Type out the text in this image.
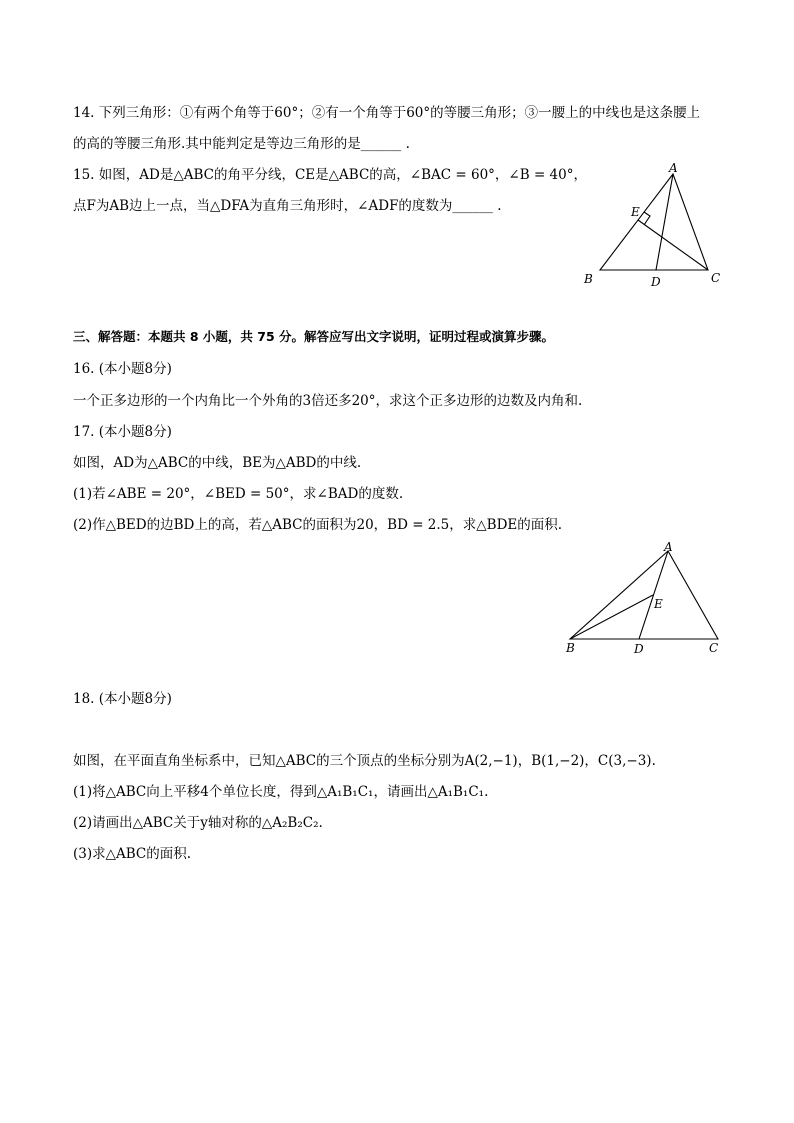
14. 下列三角形：①有两个角等于60°；②有一个角等于60°的等腰三角形；③一腰上的中线也是这条腰上
的高的等腰三角形.其中能判定是等边三角形的是______ .
15. 如图，AD是△ABC的角平分线，CE是△ABC的高，∠BAC = 60°，∠B = 40°，
点F为AB边上一点，当△DFA为直角三角形时，∠ADF的度数为______ .
A
B	C
D
E
三、解答题：本题共 8 小题，共 75 分。解答应写出文字说明，证明过程或演算步骤。
16. (本小题8分)
一个正多边形的一个内角比一个外角的3倍还多20°，求这个正多边形的边数及内角和.
17. (本小题8分)
如图，AD为△ABC的中线，BE为△ABD的中线.
(1)若∠ABE = 20°，∠BED = 50°，求∠BAD的度数.
(2)作△BED的边BD上的高，若△ABC的面积为20，BD = 2.5，求△BDE的面积.
A
B	C
D
E
18. (本小题8分)
如图，在平面直角坐标系中，已知△ABC的三个顶点的坐标分别为A(2,−1)，B(1,−2)，C(3,−3).
(1)将△ABC向上平移4个单位长度，得到△A₁B₁C₁，请画出△A₁B₁C₁.
(2)请画出△ABC关于y轴对称的△A₂B₂C₂.
(3)求△ABC的面积.
